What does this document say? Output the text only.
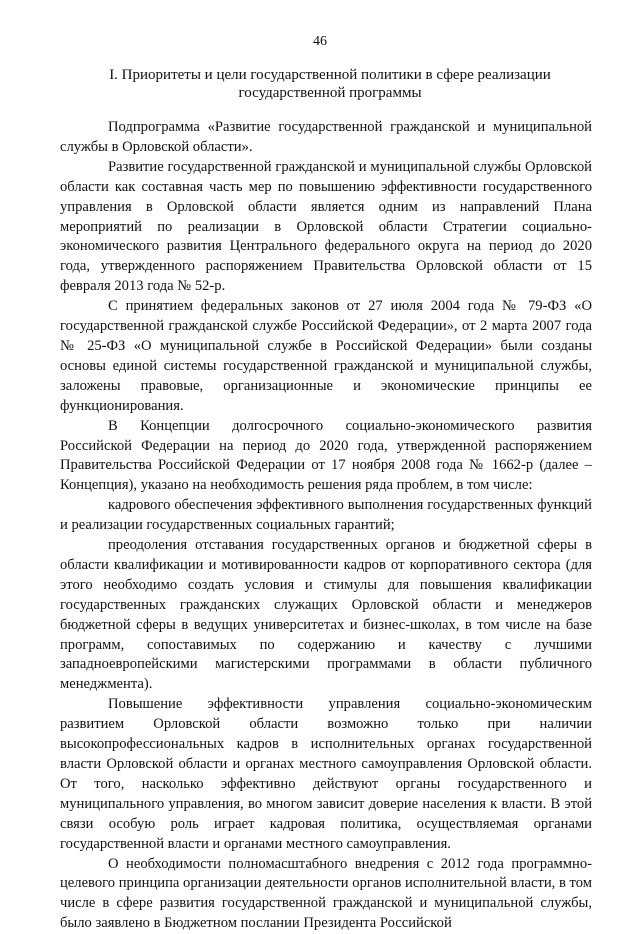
46
I. Приоритеты и цели государственной политики в сфере реализации государственной программы

Подпрограмма «Развитие государственной гражданской и муниципальной службы в Орловской области».

Развитие государственной гражданской и муниципальной службы Орловской области как составная часть мер по повышению эффективности государственного управления в Орловской области является одним из направлений Плана мероприятий по реализации в Орловской области Стратегии социально-экономического развития Центрального федерального округа на период до 2020 года, утвержденного распоряжением Правительства Орловской области от 15 февраля 2013 года № 52-р.

С принятием федеральных законов от 27 июля 2004 года № 79-ФЗ «О государственной гражданской службе Российской Федерации», от 2 марта 2007 года № 25-ФЗ «О муниципальной службе в Российской Федерации» были созданы основы единой системы государственной гражданской и муниципальной службы, заложены правовые, организационные и экономические принципы ее функционирования.

В Концепции долгосрочного социально-экономического развития Российской Федерации на период до 2020 года, утвержденной распоряжением Правительства Российской Федерации от 17 ноября 2008 года № 1662-р (далее – Концепция), указано на необходимость решения ряда проблем, в том числе:

кадрового обеспечения эффективного выполнения государственных функций и реализации государственных социальных гарантий;

преодоления отставания государственных органов и бюджетной сферы в области квалификации и мотивированности кадров от корпоративного сектора (для этого необходимо создать условия и стимулы для повышения квалификации государственных гражданских служащих Орловской области и менеджеров бюджетной сферы в ведущих университетах и бизнес-школах, в том числе на базе программ, сопоставимых по содержанию и качеству с лучшими западноевропейскими магистерскими программами в области публичного менеджмента).

Повышение эффективности управления социально-экономическим развитием Орловской области возможно только при наличии высокопрофессиональных кадров в исполнительных органах государственной власти Орловской области и органах местного самоуправления Орловской области. От того, насколько эффективно действуют органы государственного и муниципального управления, во многом зависит доверие населения к власти. В этой связи особую роль играет кадровая политика, осуществляемая органами государственной власти и органами местного самоуправления.

О необходимости полномасштабного внедрения с 2012 года программно-целевого принципа организации деятельности органов исполнительной власти, в том числе в сфере развития государственной гражданской и муниципальной службы, было заявлено в Бюджетном послании Президента Российской
